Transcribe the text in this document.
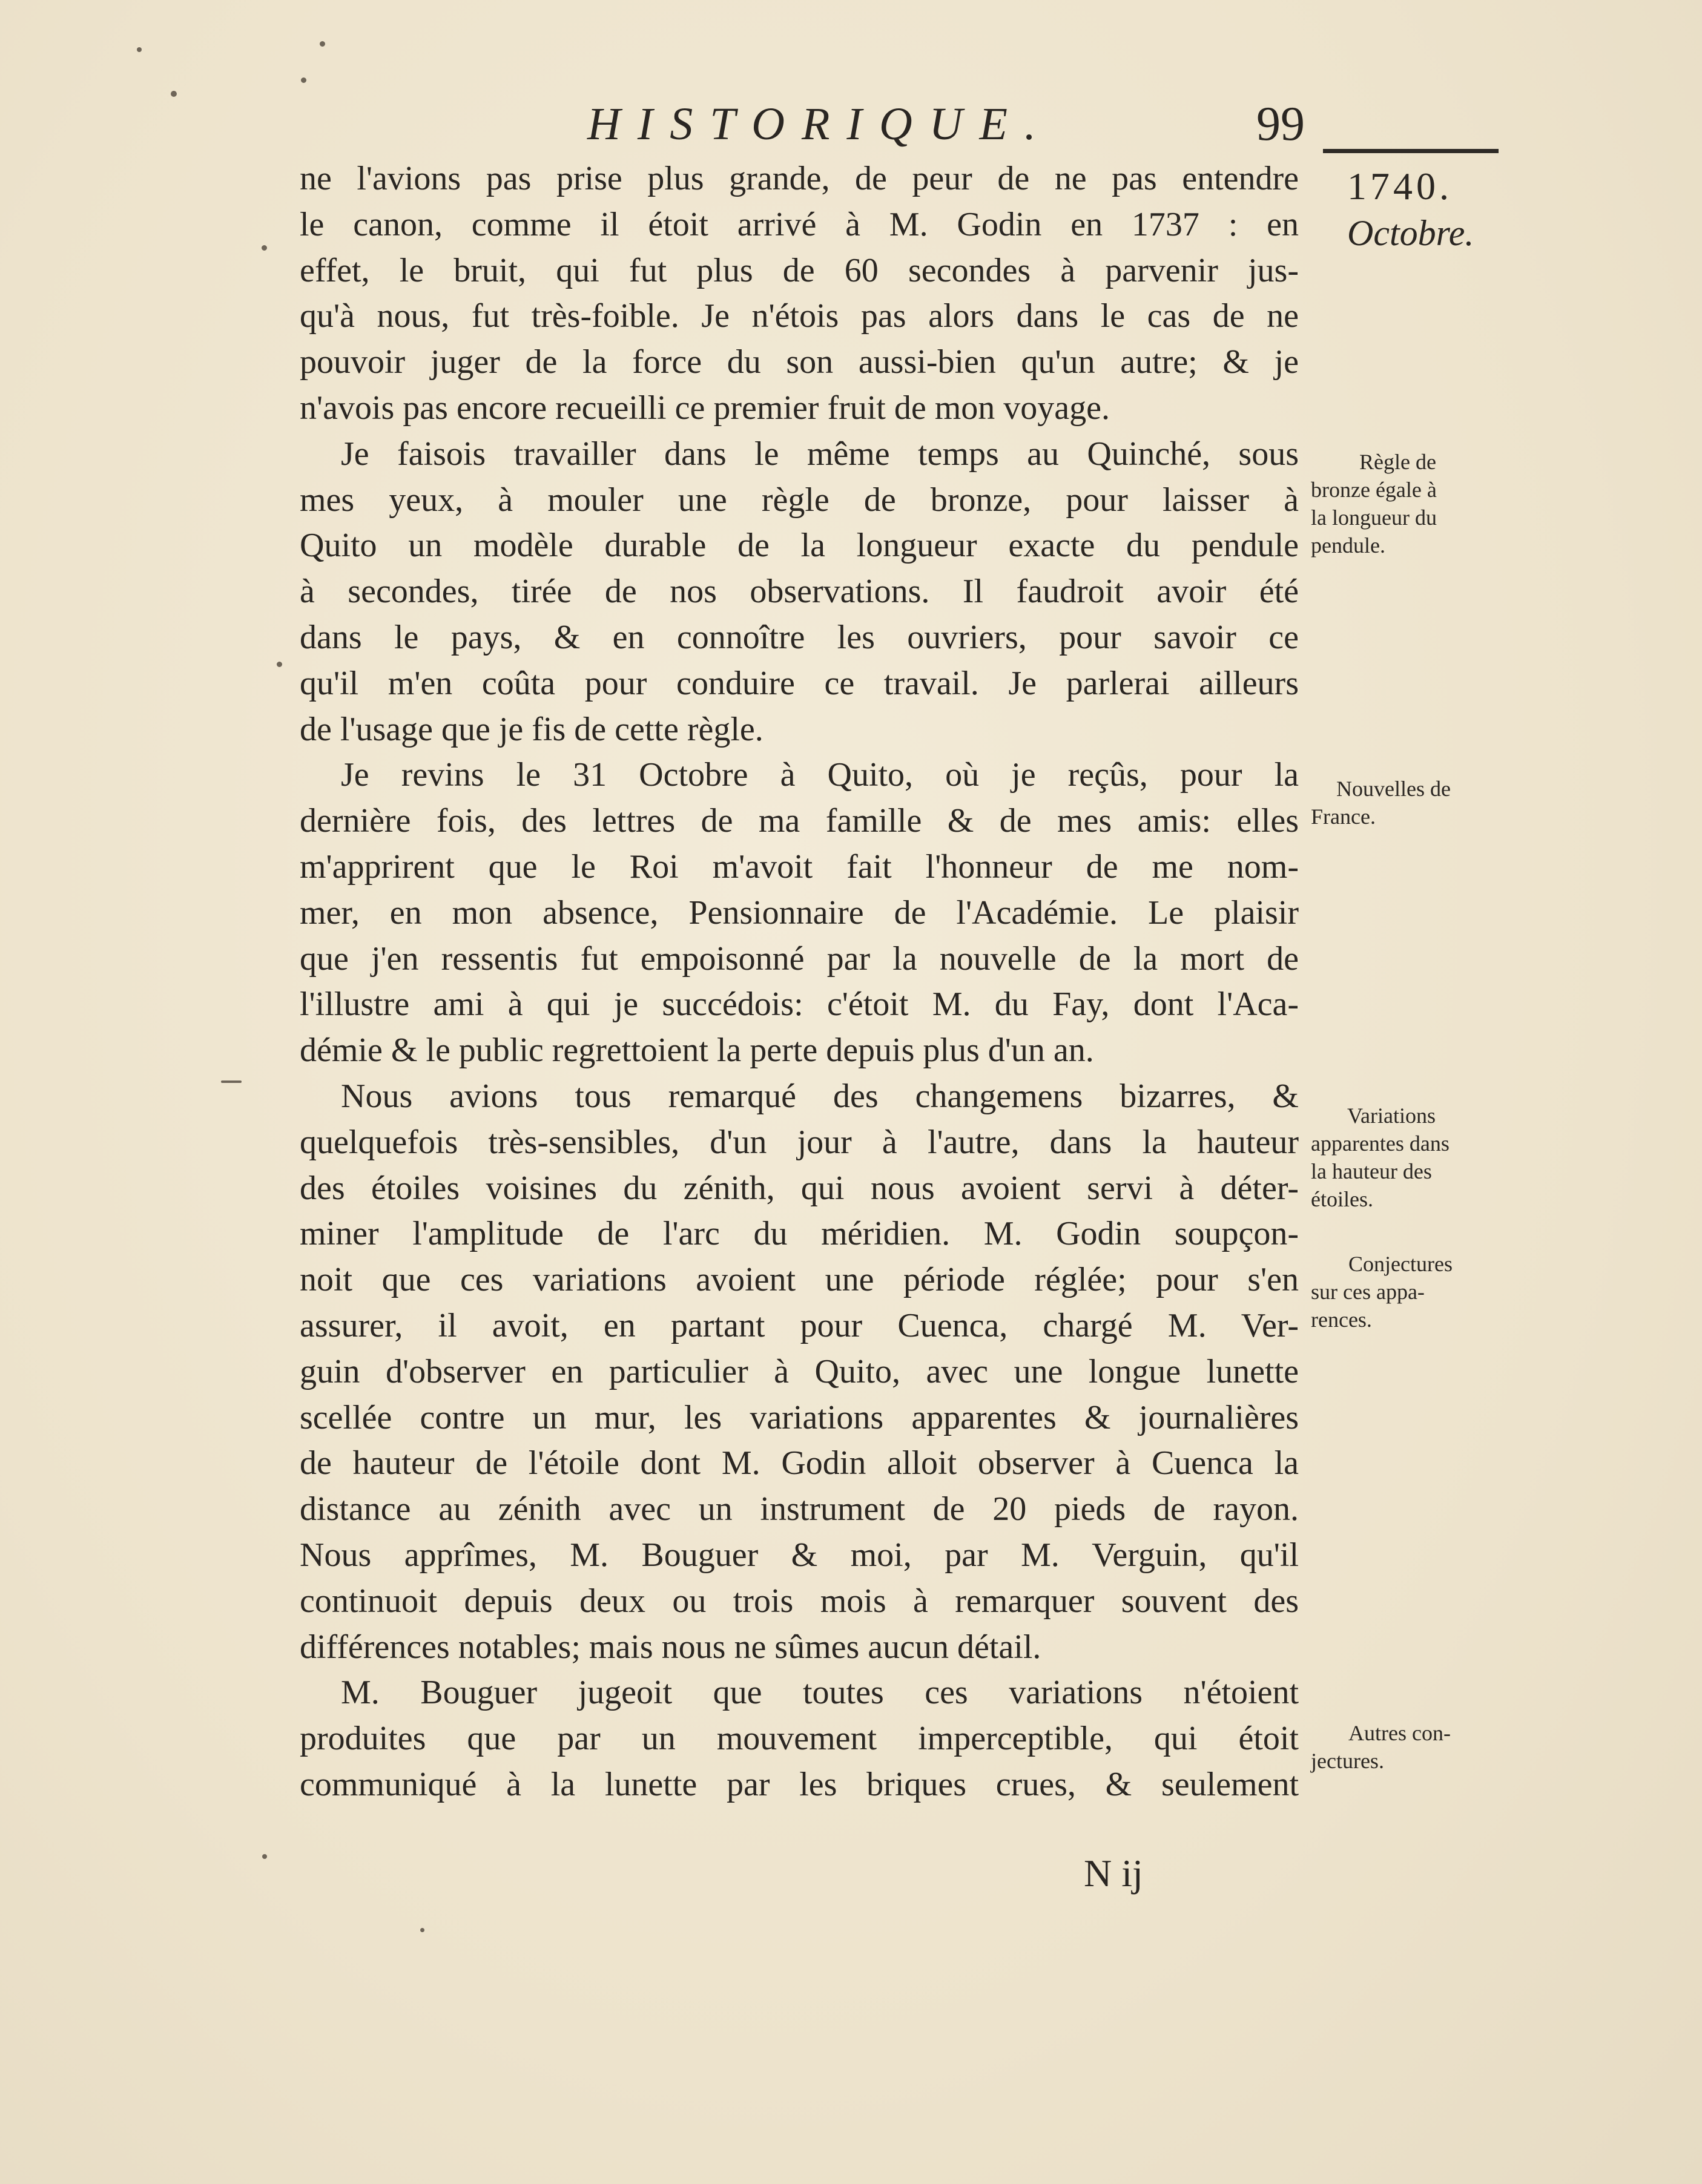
HISTORIQUE.	99
1740.
Octobre.
ne l'avions pas prise plus grande, de peur de ne pas entendre
le canon, comme il étoit arrivé à M. Godin en 1737 : en
effet, le bruit, qui fut plus de 60 secondes à parvenir jus-
qu'à nous, fut très-foible. Je n'étois pas alors dans le cas de ne
pouvoir juger de la force du son aussi-bien qu'un autre; & je
n'avois pas encore recueilli ce premier fruit de mon voyage.
Je faisois travailler dans le même temps au Quinché, sous
mes yeux, à mouler une règle de bronze, pour laisser à
Quito un modèle durable de la longueur exacte du pendule
à secondes, tirée de nos observations. Il faudroit avoir été
dans le pays, & en connoître les ouvriers, pour savoir ce
qu'il m'en coûta pour conduire ce travail. Je parlerai ailleurs
de l'usage que je fis de cette règle.
Je revins le 31 Octobre à Quito, où je reçûs, pour la
dernière fois, des lettres de ma famille & de mes amis: elles
m'apprirent que le Roi m'avoit fait l'honneur de me nom-
mer, en mon absence, Pensionnaire de l'Académie. Le plaisir
que j'en ressentis fut empoisonné par la nouvelle de la mort de
l'illustre ami à qui je succédois: c'étoit M. du Fay, dont l'Aca-
démie & le public regrettoient la perte depuis plus d'un an.
Nous avions tous remarqué des changemens bizarres, &
quelquefois très-sensibles, d'un jour à l'autre, dans la hauteur
des étoiles voisines du zénith, qui nous avoient servi à déter-
miner l'amplitude de l'arc du méridien. M. Godin soupçon-
noit que ces variations avoient une période réglée; pour s'en
assurer, il avoit, en partant pour Cuenca, chargé M. Ver-
guin d'observer en particulier à Quito, avec une longue lunette
scellée contre un mur, les variations apparentes & journalières
de hauteur de l'étoile dont M. Godin alloit observer à Cuenca la
distance au zénith avec un instrument de 20 pieds de rayon.
Nous apprîmes, M. Bouguer & moi, par M. Verguin, qu'il
continuoit depuis deux ou trois mois à remarquer souvent des
différences notables; mais nous ne sûmes aucun détail.
M. Bouguer jugeoit que toutes ces variations n'étoient
produites que par un mouvement imperceptible, qui étoit
communiqué à la lunette par les briques crues, & seulement
Règle de
bronze égale à
la longueur du
pendule.
Nouvelles de
France.
Variations
apparentes dans
la hauteur des
étoiles.
Conjectures
sur ces appa-
rences.
Autres con-
jectures.
N ij
